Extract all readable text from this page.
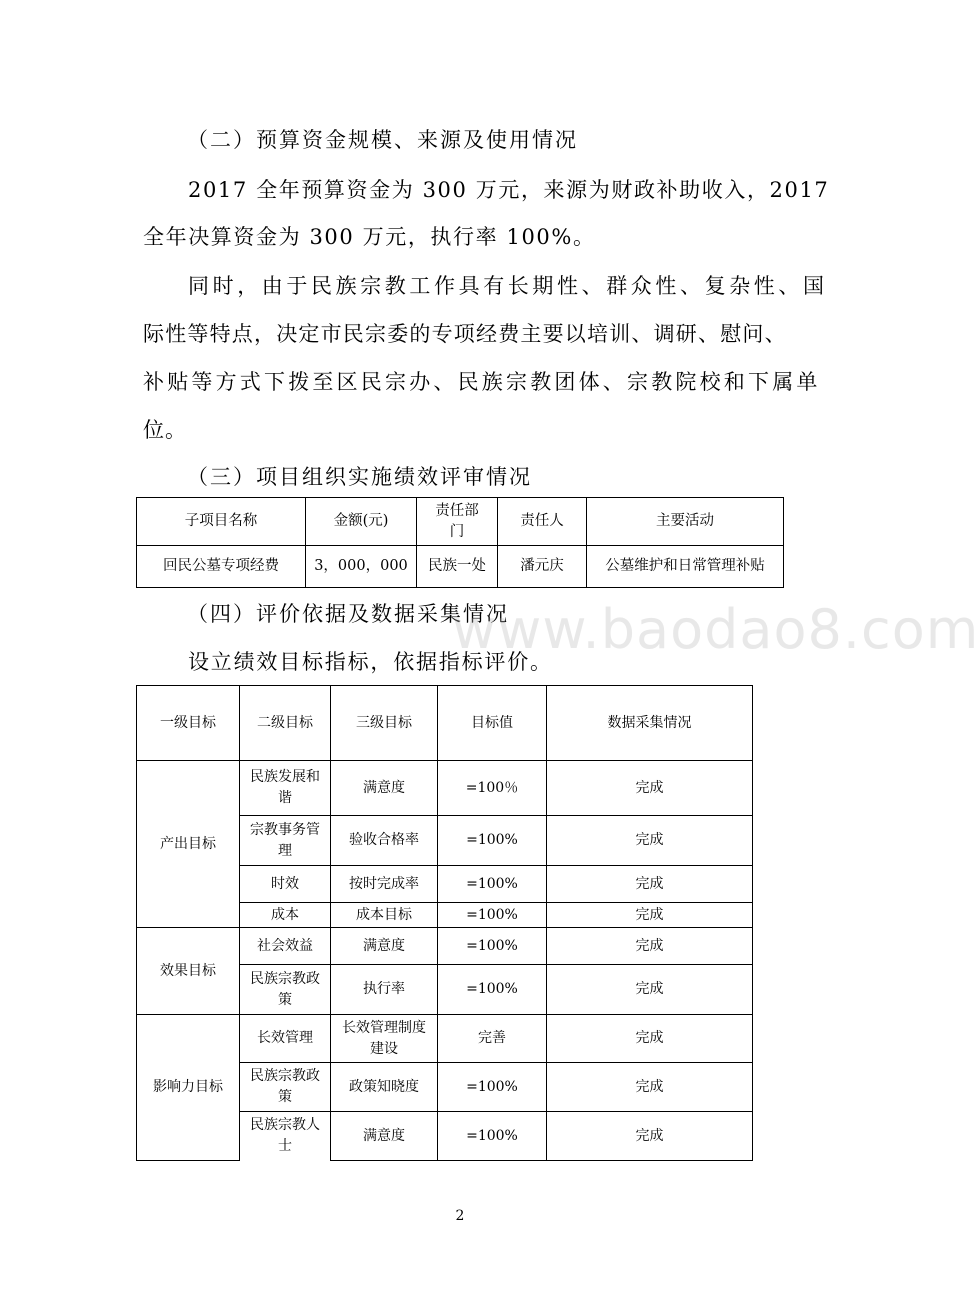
（二）预算资金规模、来源及使用情况

2017 全年预算资金为 300 万元，来源为财政补助收入，2017

全年决算资金为 300 万元，执行率 100%。

同时，由于民族宗教工作具有长期性、群众性、复杂性、国

际性等特点，决定市民宗委的专项经费主要以培训、调研、慰问、

补贴等方式下拨至区民宗办、民族宗教团体、宗教院校和下属单

位。

（三）项目组织实施绩效评审情况

子项目名称	金额(元)	责任部门	责任人	主要活动
回民公墓专项经费	3，000，000	民族一处	潘元庆	公墓维护和日常管理补贴

（四）评价依据及数据采集情况

www.baodao8.com

设立绩效目标指标，依据指标评价。

一级目标	二级目标	三级目标	目标值	数据采集情况
产出目标	民族发展和谐	满意度	=100％	完成
	宗教事务管理	验收合格率	=100%	完成
	时效	按时完成率	=100%	完成
	成本	成本目标	=100%	完成
效果目标	社会效益	满意度	=100%	完成
	民族宗教政策	执行率	=100%	完成
影响力目标	长效管理	长效管理制度建设	完善	完成
	民族宗教政策	政策知晓度	=100%	完成
	民族宗教人士	满意度	=100%	完成
2
